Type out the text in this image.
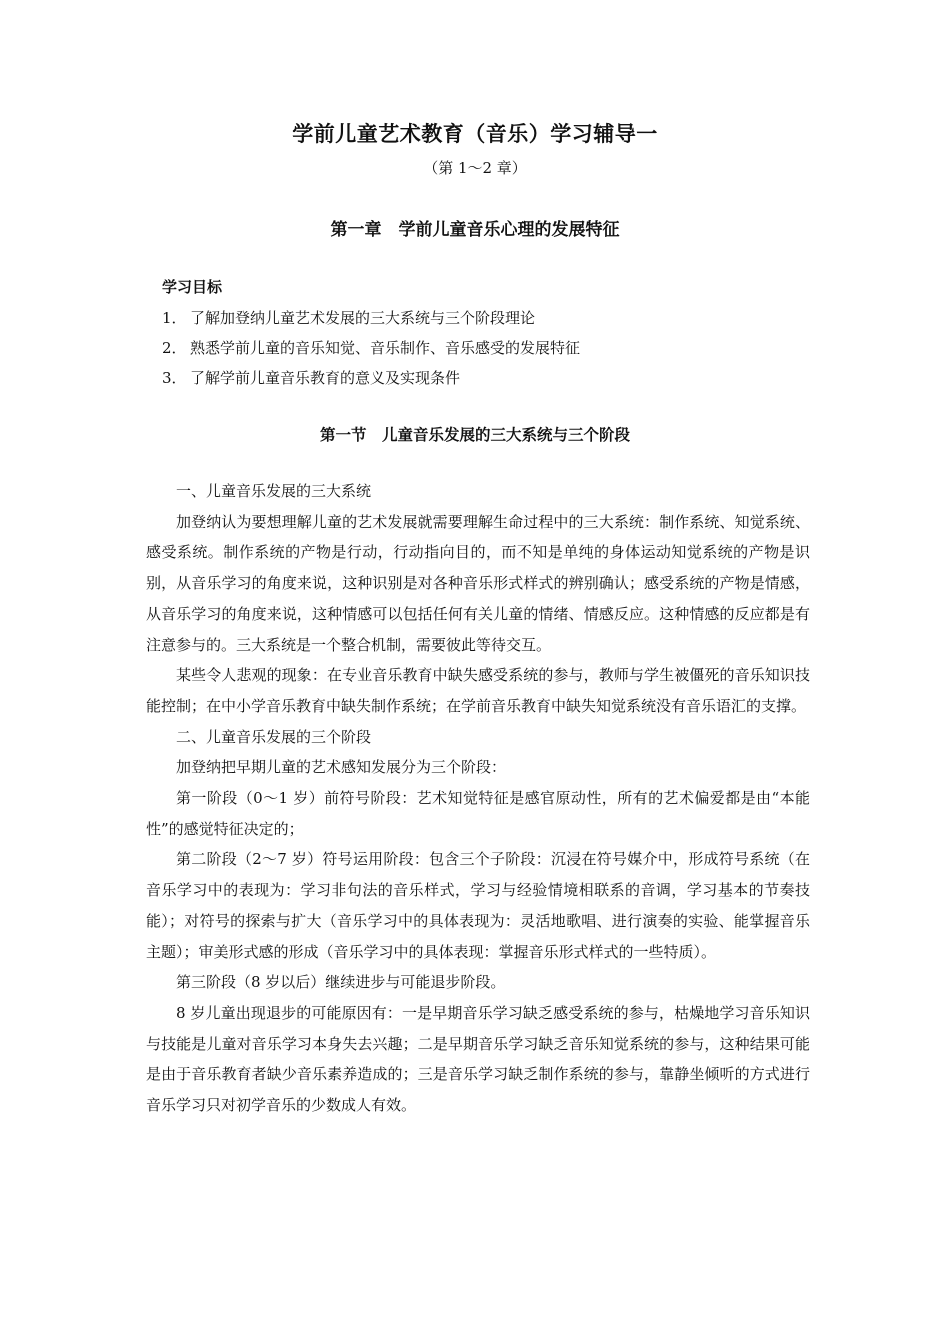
学前儿童艺术教育（音乐）学习辅导一
（第 1～2 章）
第一章　学前儿童音乐心理的发展特征
学习目标
1． 了解加登纳儿童艺术发展的三大系统与三个阶段理论
2． 熟悉学前儿童的音乐知觉、音乐制作、音乐感受的发展特征
3． 了解学前儿童音乐教育的意义及实现条件
第一节　儿童音乐发展的三大系统与三个阶段

一、儿童音乐发展的三大系统

加登纳认为要想理解儿童的艺术发展就需要理解生命过程中的三大系统：制作系统、知觉系统、感受系统。制作系统的产物是行动，行动指向目的，而不知是单纯的身体运动知觉系统的产物是识别，从音乐学习的角度来说，这种识别是对各种音乐形式样式的辨别确认；感受系统的产物是情感，从音乐学习的角度来说，这种情感可以包括任何有关儿童的情绪、情感反应。这种情感的反应都是有注意参与的。三大系统是一个整合机制，需要彼此等待交互。

某些令人悲观的现象：在专业音乐教育中缺失感受系统的参与，教师与学生被僵死的音乐知识技能控制；在中小学音乐教育中缺失制作系统；在学前音乐教育中缺失知觉系统没有音乐语汇的支撑。

二、儿童音乐发展的三个阶段

加登纳把早期儿童的艺术感知发展分为三个阶段：

第一阶段（0～1 岁）前符号阶段：艺术知觉特征是感官原动性，所有的艺术偏爱都是由“本能性”的感觉特征决定的；

第二阶段（2～7 岁）符号运用阶段：包含三个子阶段：沉浸在符号媒介中，形成符号系统（在音乐学习中的表现为：学习非句法的音乐样式，学习与经验情境相联系的音调，学习基本的节奏技能）；对符号的探索与扩大（音乐学习中的具体表现为：灵活地歌唱、进行演奏的实验、能掌握音乐主题）；审美形式感的形成（音乐学习中的具体表现：掌握音乐形式样式的一些特质）。

第三阶段（8 岁以后）继续进步与可能退步阶段。

8 岁儿童出现退步的可能原因有：一是早期音乐学习缺乏感受系统的参与，枯燥地学习音乐知识与技能是儿童对音乐学习本身失去兴趣；二是早期音乐学习缺乏音乐知觉系统的参与，这种结果可能是由于音乐教育者缺少音乐素养造成的；三是音乐学习缺乏制作系统的参与，靠静坐倾听的方式进行音乐学习只对初学音乐的少数成人有效。
